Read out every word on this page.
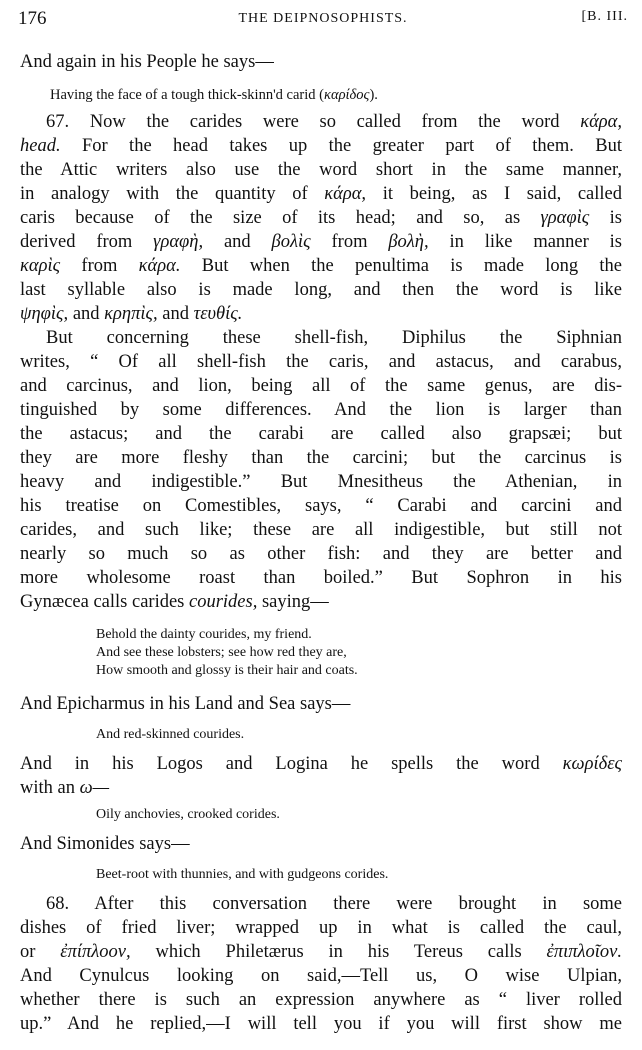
176	THE DEIPNOSOPHISTS.	[B. III.
And again in his People he says—
Having the face of a tough thick-skinn'd carid (καρίδος).
67. Now the carides were so called from the word κάρα,
head. For the head takes up the greater part of them. But
the Attic writers also use the word short in the same manner,
in analogy with the quantity of κάρα, it being, as I said, called
caris because of the size of its head; and so, as γραφὶς is
derived from γραφὴ, and βολὶς from βολὴ, in like manner is
καρὶς from κάρα. But when the penultima is made long the
last syllable also is made long, and then the word is like
ψηφὶς, and κρηπὶς, and τευθίς.
But concerning these shell-fish, Diphilus the Siphnian
writes, “ Of all shell-fish the caris, and astacus, and carabus,
and carcinus, and lion, being all of the same genus, are dis-
tinguished by some differences. And the lion is larger than
the astacus; and the carabi are called also grapsæi; but
they are more fleshy than the carcini; but the carcinus is
heavy and indigestible.” But Mnesitheus the Athenian, in
his treatise on Comestibles, says, “ Carabi and carcini and
carides, and such like; these are all indigestible, but still not
nearly so much so as other fish: and they are better and
more wholesome roast than boiled.” But Sophron in his
Gynæcea calls carides courides, saying—
Behold the dainty courides, my friend.
And see these lobsters; see how red they are,
How smooth and glossy is their hair and coats.
And Epicharmus in his Land and Sea says—
And red-skinned courides.
And in his Logos and Logina he spells the word κωρίδες
with an ω—
Oily anchovies, crooked corides.
And Simonides says—
Beet-root with thunnies, and with gudgeons corides.
68. After this conversation there were brought in some
dishes of fried liver; wrapped up in what is called the caul,
or ἐπίπλοον, which Philetærus in his Tereus calls ἐπιπλοῖον.
And Cynulcus looking on said,—Tell us, O wise Ulpian,
whether there is such an expression anywhere as “ liver rolled
up.” And he replied,—I will tell you if you will first show me
